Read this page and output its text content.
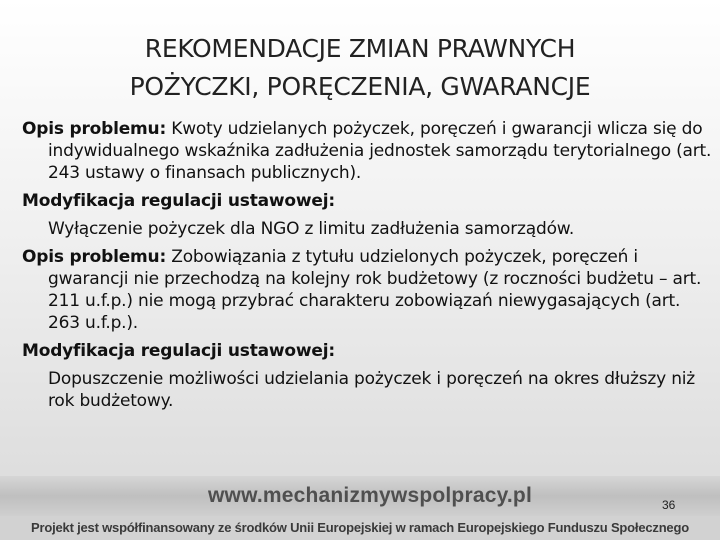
REKOMENDACJE ZMIAN PRAWNYCH
POŻYCZKI, PORĘCZENIA, GWARANCJE

Opis problemu: Kwoty udzielanych pożyczek, poręczeń i gwarancji wlicza się do indywidualnego wskaźnika zadłużenia jednostek samorządu terytorialnego (art. 243 ustawy o finansach publicznych).

Modyfikacja regulacji ustawowej:

Wyłączenie pożyczek dla NGO z limitu zadłużenia samorządów.

Opis problemu: Zobowiązania z tytułu udzielonych pożyczek, poręczeń i gwarancji nie przechodzą na kolejny rok budżetowy (z roczności budżetu – art. 211 u.f.p.) nie mogą przybrać charakteru zobowiązań niewygasających (art. 263 u.f.p.).

Modyfikacja regulacji ustawowej:

Dopuszczenie możliwości udzielania pożyczek i poręczeń na okres dłuższy niż rok budżetowy.

www.mechanizmywspolpracy.pl	36
Projekt jest współfinansowany ze środków Unii Europejskiej w ramach Europejskiego Funduszu Społecznego
